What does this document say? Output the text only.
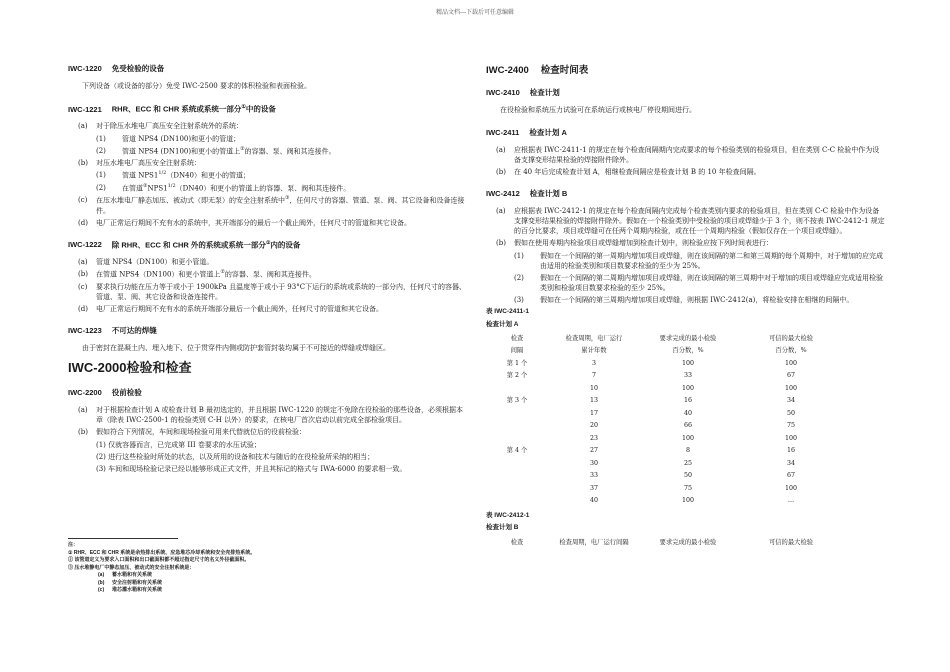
精品文档---下载后可任意编辑
IWC-1220 免受检验的设备

下列设备（或设备的部分）免受 IWC-2500 要求的体积检验和表面检验。

IWC-1221 RHR、ECC 和 CHR 系统或系统一部分①中的设备
(a)	对于除压水堆电厂高压安全注射系统外的系统：
(1)	管道 NPS4 (DN100)和更小的管道；
(2)	管道 NPS4 (DN100)和更小的管道上②的容器、泵、阀和其连接件。
(b)	对压水堆电厂高压安全注射系统：
(1)	管道 $NPS1^{1/2}(DN40)$和更小的管道；
(2)	在管道$^②NPS1^{1/2}(DN40)$和更小的管道上的容器、泵、阀和其连接件。
(c)	在压水堆电厂静态加压、被动式（即无泵）的安全注射系统中③，任何尺寸的容器、管道、泵、阀、其它设备和设备连接件。
(d)	电厂正常运行期间不充有水的系统中，其开端部分的最后一个截止阀外，任何尺寸的管道和其它设备。
IWC-1222 除 RHR、ECC 和 CHR 外的系统或系统一部分①内的设备
(a)	管道 NPS4（DN100）和更小管道。
(b)	在管道 NPS4（DN100）和更小管道上②的容器、泵、阀和其连接件。
(c)	要求执行功能在压力等于或小于 1900kPa 且温度等于或小于 93°C下运行的系统或系统的一部分内，任何尺寸的容器、管道、泵、阀、其它设备和设备连接件。
(d)	电厂正常运行期间不充有水的系统开端部分最后一个截止阀外，任何尺寸的管道和其它设备。
IWC-1223 不可达的焊缝

由于密封在混凝土内、埋入地下、位于贯穿件内侧或防护套管封装均属于不可接近的焊缝或焊缝区。

IWC-2000检验和检查
IWC-2200 役前检验
(a)	对于根据检查计划 A 或检查计划 B 最初选定的，并且根据 IWC-1220 的规定不免除在役检验的那些设备，必须根据本章（除表 IWC-2500-1 的检验类别 C-H 以外）的要求，在核电厂首次启动以前完成全部检验项目。
(b)	假如符合下列情况，车间和现场检验可用来代替就位后的役前检验：
(1) 仅就容器而言，已完成第 III 卷要求的水压试验；
(2) 进行这些检验时所处的状态，以及所用的设备和技术与随后的在役检验所采纳的相当；
(3) 车间和现场检验记录已经以能够形成正式文件，并且其标记的格式与 IWA-6000 的要求相一致。

注：

① RHR、ECC 和 CHR 系统是余热排出系统、应急堆芯冷却系统和安全壳排热系统。

② 该管道定义为要求入口面积和出口截面积都不超过指定尺寸的名义外径截面积。

③ 压水堆静电厂中静态加压、被动式的安全注射系统是：

(a)	蓄水箱和有关系统
(b)	安全注射箱和有关系统
(c)	堆芯灌水箱和有关系统
IWC-2400 检查时间表
IWC-2410 检查计划

在役检验和系统压力试验可在系统运行或核电厂停役期间进行。

IWC-2411 检查计划 A
(a)	应根据表 IWC-2411-1 的规定在每个检查间隔期内完成要求的每个检验类别的检验项目，但在类别 C-C 检验中作为设备支撑变形结果检验的焊接附件除外。
(b)	在 40 年后完成检查计划 A，相继检查间隔应是检查计划 B 的 10 年检查间隔。
IWC-2412 检查计划 B
(a)	应根据表 IWC-2412-1 的规定在每个检查间隔内完成每个检查类别内要求的检验项目，但在类别 C-C 检验中作为设备支撑变形结果检验的焊接附件除外。假如在一个检验类别中受检验的项目或焊缝少于 3 个，则不按表 IWC-2412-1 规定的百分比要求，项目或焊缝可在任两个周期内检验，或在任一个周期内检验（假如仅存在一个项目或焊缝）。
(b)	假如在使用寿期内检验项目或焊缝增加到检查计划中，则检验应按下列时间表进行：
(1)	假如在一个间隔的第一周期内增加项目或焊缝，则在该间隔的第二和第三周期的每个周期中，对于增加的应完成由适用的检验类别和项目数要求检验的至少为 25%。
(2)	假如在一个间隔的第二周期内增加项目或焊缝，则在该间隔的第三周期中对于增加的项目或焊缝应完成适用检验类别和检验项目数要求检验的至少 25%。
(3)	假如在一个间隔的第三周期内增加项目或焊缝，则根据 IWC-2412(a)，将检验安排在相继的间隔中。
表 IWC-2411-1
检查计划 A
检查	检查周期，电厂运行	要求完成的最小检验	可信的最大检验
间隔	累计年数	百分数，%	百分数，%
第 1 个	3	100	100
第 2 个	7	33	67
	10	100	100
第 3 个	13	16	34
	17	40	50
	20	66	75
	23	100	100
第 4 个	27	8	16
	30	25	34
	33	50	67
	37	75	100
	40	100	…
表 IWC-2412-1
检查计划 B
检查	检查周期，电厂运行间隔	要求完成的最小检验	可信的最大检验
